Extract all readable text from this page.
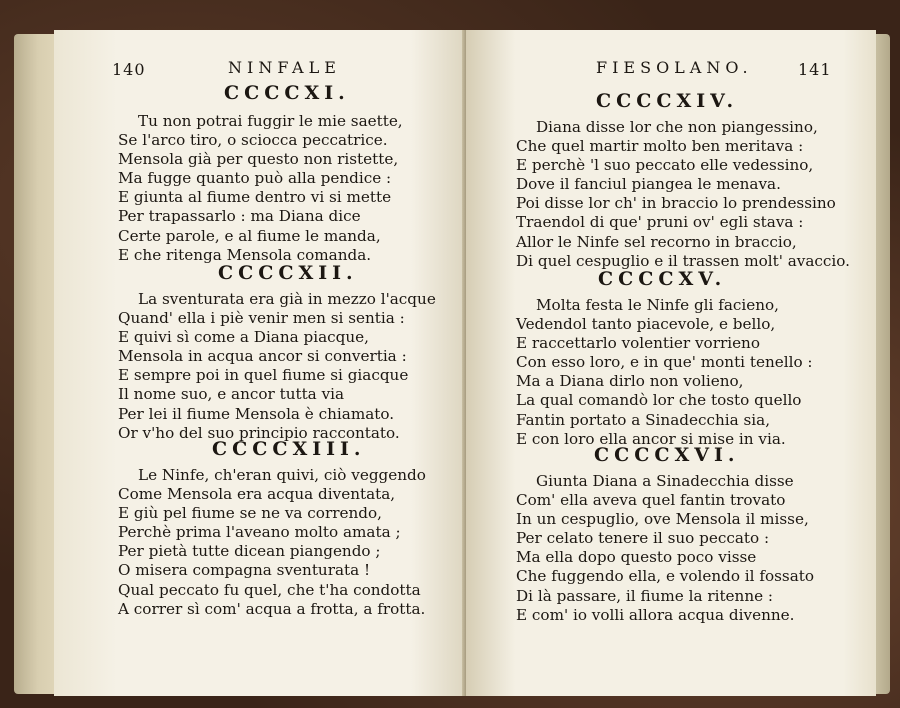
140	NINFALE
CCCCXI.
Tu non potrai fuggir le mie saette,
Se l'arco tiro, o sciocca peccatrice.
Mensola già per questo non ristette,
Ma fugge quanto può alla pendice :
E giunta al fiume dentro vi si mette
Per trapassarlo : ma Diana dice
Certe parole, e al fiume le manda,
E che ritenga Mensola comanda.
CCCCXII.
La sventurata era già in mezzo l'acque
Quand' ella i piè venir men si sentia :
E quivi sì come a Diana piacque,
Mensola in acqua ancor si convertia :
E sempre poi in quel fiume si giacque
Il nome suo, e ancor tutta via
Per lei il fiume Mensola è chiamato.
Or v'ho del suo principio raccontato.
CCCCXIII.
Le Ninfe, ch'eran quivi, ciò veggendo
Come Mensola era acqua diventata,
E giù pel fiume se ne va correndo,
Perchè prima l'aveano molto amata ;
Per pietà tutte dicean piangendo ;
O misera compagna sventurata !
Qual peccato fu quel, che t'ha condotta
A correr sì com' acqua a frotta, a frotta.
FIESOLANO.	141
CCCCXIV.
Diana disse lor che non piangessino,
Che quel martir molto ben meritava :
E perchè 'l suo peccato elle vedessino,
Dove il fanciul piangea le menava.
Poi disse lor ch' in braccio lo prendessino
Traendol di que' pruni ov' egli stava :
Allor le Ninfe sel recorno in braccio,
Di quel cespuglio e il trassen molt' avaccio.
CCCCXV.
Molta festa le Ninfe gli facieno,
Vedendol tanto piacevole, e bello,
E raccettarlo volentier vorrieno
Con esso loro, e in que' monti tenello :
Ma a Diana dirlo non volieno,
La qual comandò lor che tosto quello
Fantin portato a Sinadecchia sia,
E con loro ella ancor si mise in via.
CCCCXVI.
Giunta Diana a Sinadecchia disse
Com' ella aveva quel fantin trovato
In un cespuglio, ove Mensola il misse,
Per celato tenere il suo peccato :
Ma ella dopo questo poco visse
Che fuggendo ella, e volendo il fossato
Di là passare, il fiume la ritenne :
E com' io volli allora acqua divenne.
